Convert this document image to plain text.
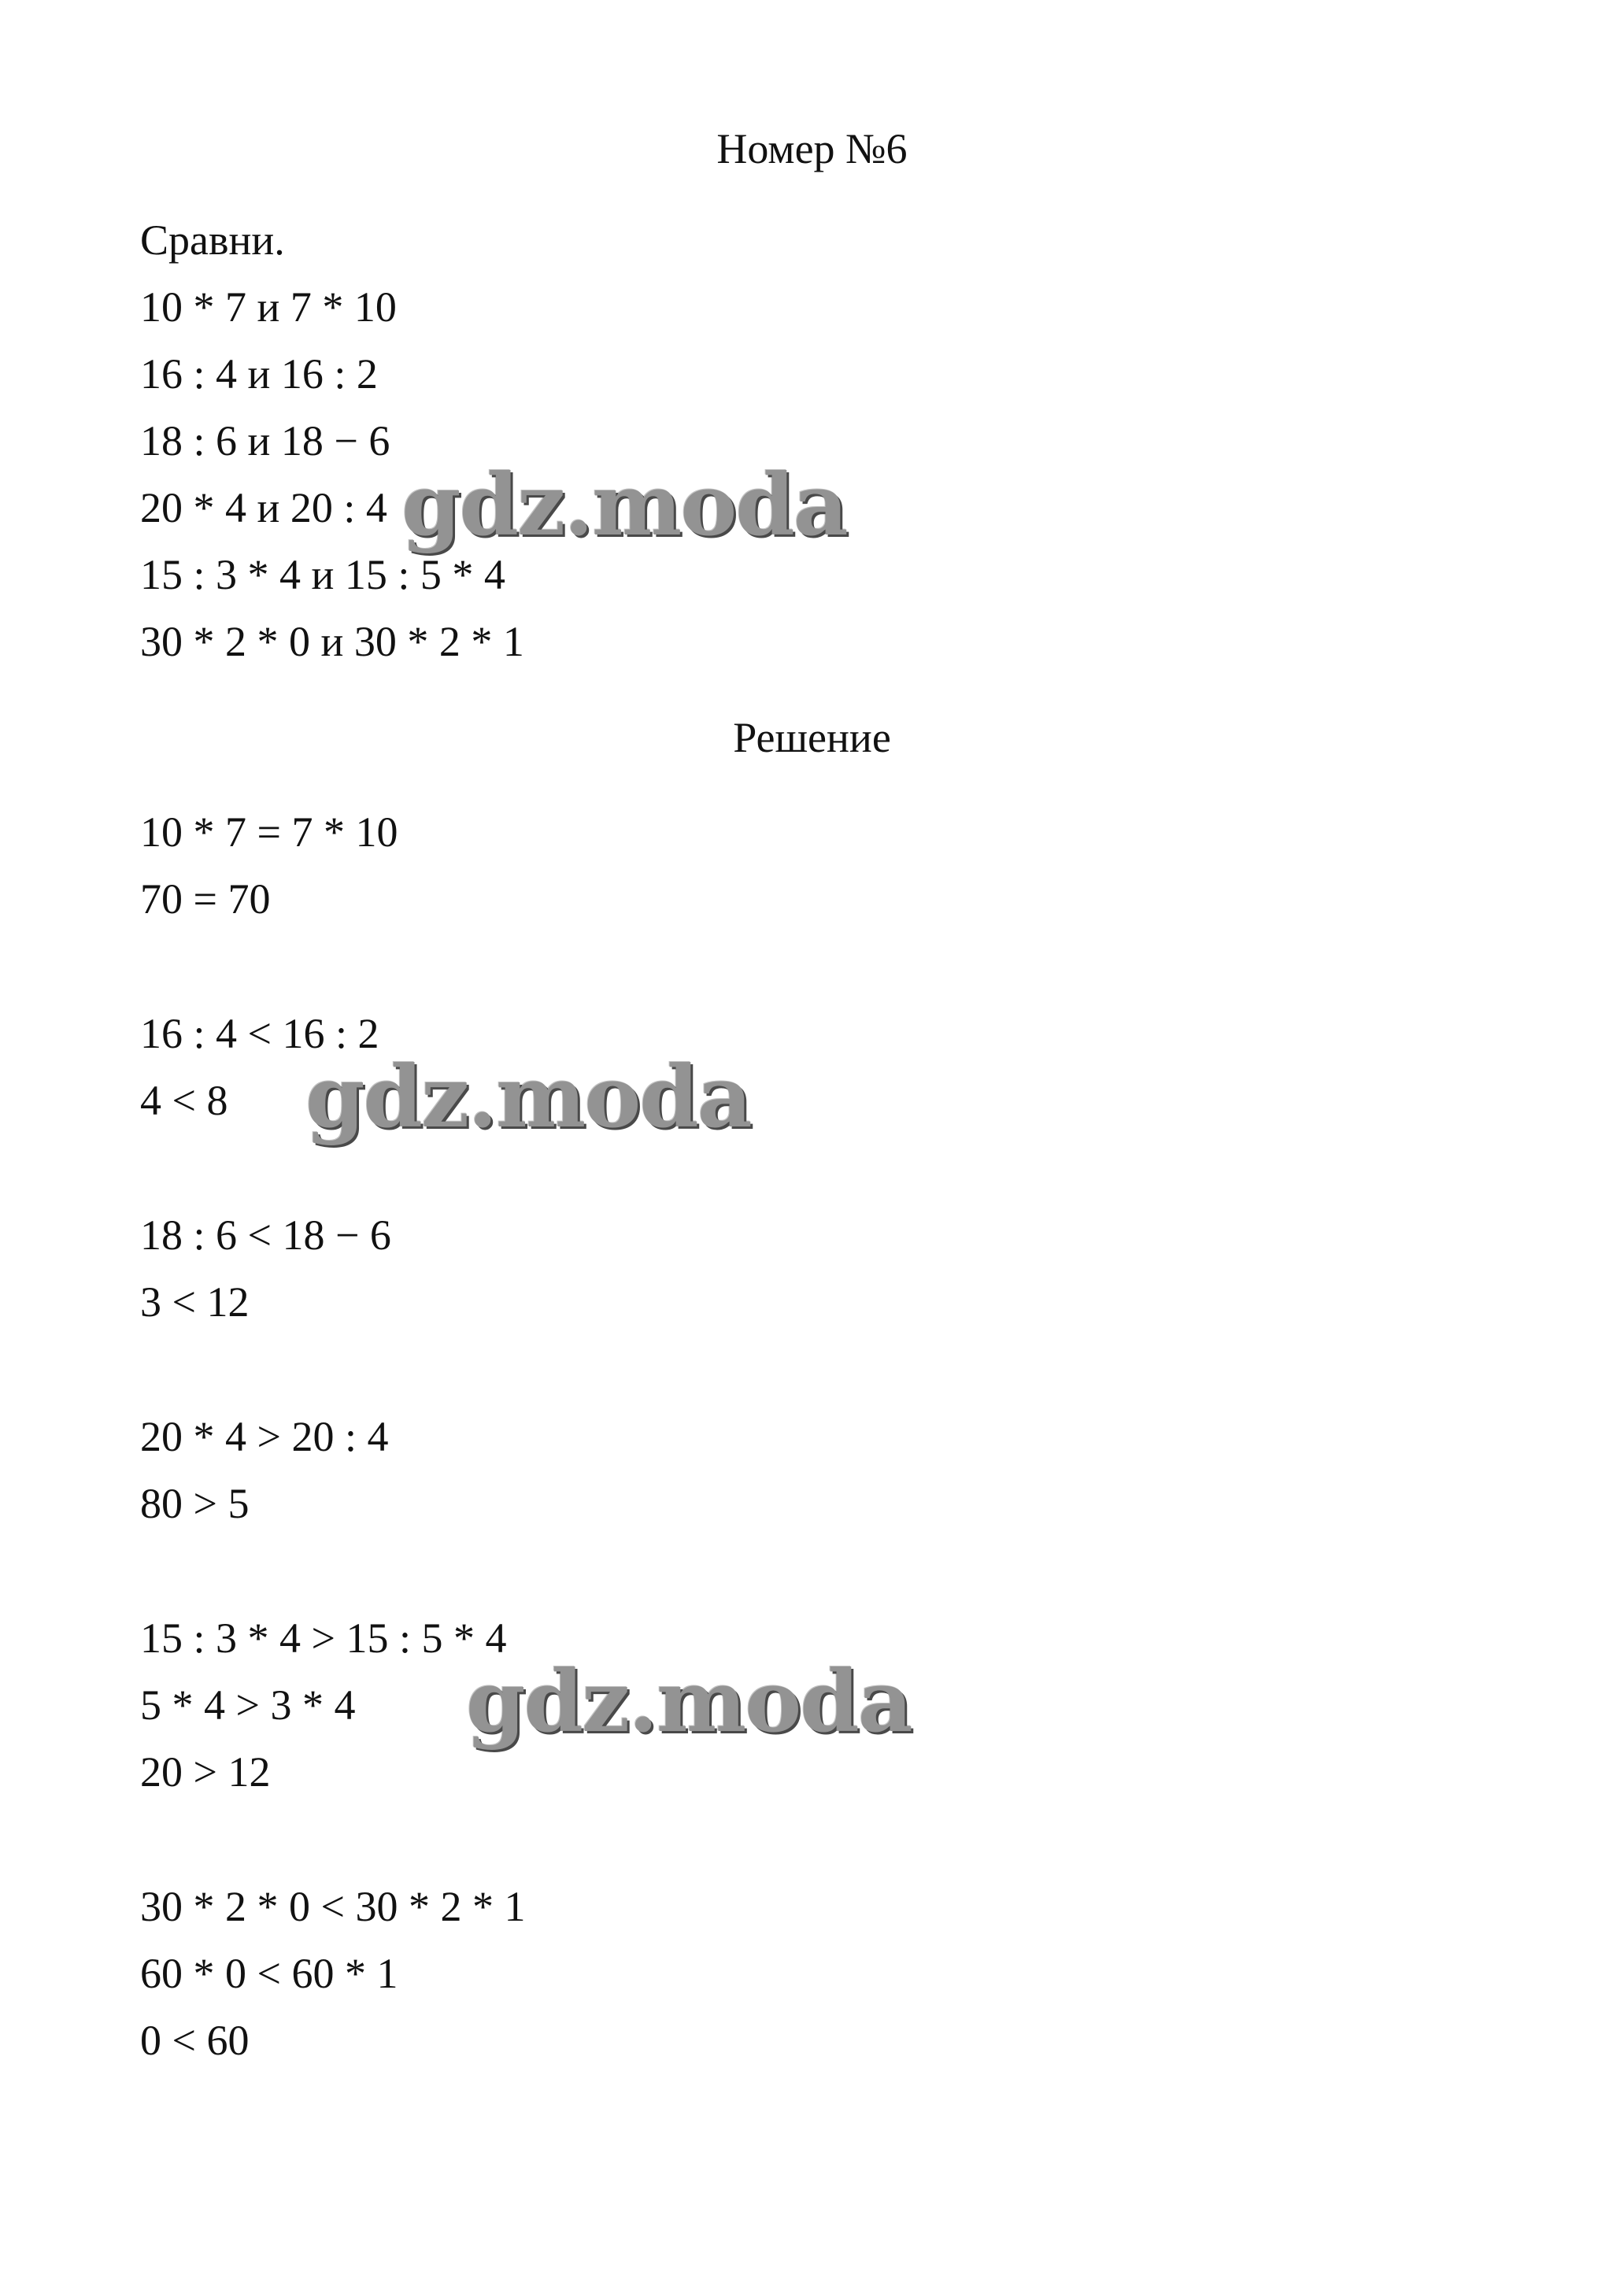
Номер №6
Сравни.
10 * 7 и 7 * 10
16 : 4 и 16 : 2
18 : 6 и 18 − 6
20 * 4 и 20 : 4
15 : 3 * 4 и 15 : 5 * 4
30 * 2 * 0 и 30 * 2 * 1
Решение
10 * 7 = 7 * 10
70 = 70
16 : 4 < 16 : 2
4 < 8
18 : 6 < 18 − 6
3 < 12
20 * 4 > 20 : 4
80 > 5
15 : 3 * 4 > 15 : 5 * 4
5 * 4 > 3 * 4
20 > 12
30 * 2 * 0 < 30 * 2 * 1
60 * 0 < 60 * 1
0 < 60
gdz.moda
gdz.moda
gdz.moda
